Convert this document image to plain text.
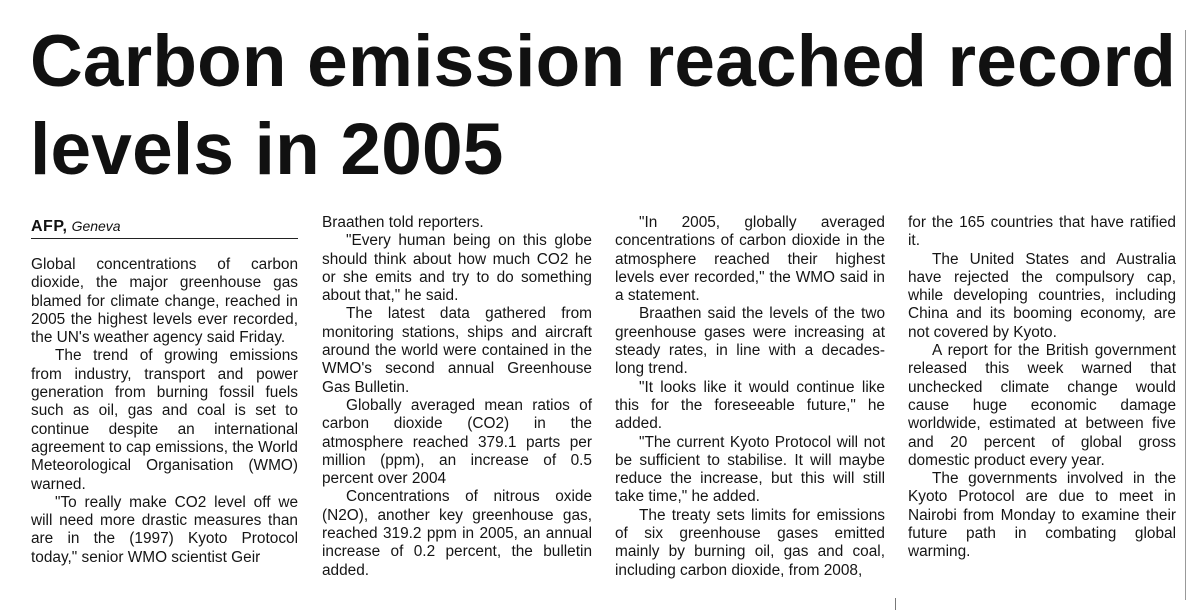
Carbon emission reached record
levels in 2005
AFP, Geneva

Global concentrations of carbon dioxide, the major greenhouse gas blamed for climate change, reached in 2005 the highest levels ever recorded, the UN's weather agency said Friday.

The trend of growing emissions from industry, transport and power generation from burning fossil fuels such as oil, gas and coal is set to continue despite an international agreement to cap emissions, the World Meteorological Organisation (WMO) warned.

"To really make CO2 level off we will need more drastic measures than are in the (1997) Kyoto Protocol today," senior WMO scientist Geir

Braathen told reporters.

"Every human being on this globe should think about how much CO2 he or she emits and try to do something about that," he said.

The latest data gathered from monitoring stations, ships and aircraft around the world were contained in the WMO's second annual Greenhouse Gas Bulletin.

Globally averaged mean ratios of carbon dioxide (CO2) in the atmosphere reached 379.1 parts per million (ppm), an increase of 0.5 percent over 2004

Concentrations of nitrous oxide (N2O), another key greenhouse gas, reached 319.2 ppm in 2005, an annual increase of 0.2 percent, the bulletin added.

"In 2005, globally averaged concentrations of carbon dioxide in the atmosphere reached their highest levels ever recorded," the WMO said in a statement.

Braathen said the levels of the two greenhouse gases were increasing at steady rates, in line with a decades-long trend.

"It looks like it would continue like this for the foreseeable future," he added.

"The current Kyoto Protocol will not be sufficient to stabilise. It will maybe reduce the increase, but this will still take time," he added.

The treaty sets limits for emissions of six greenhouse gases emitted mainly by burning oil, gas and coal, including carbon dioxide, from 2008,

for the 165 countries that have ratified it.

The United States and Australia have rejected the compulsory cap, while developing countries, including China and its booming economy, are not covered by Kyoto.

A report for the British government released this week warned that unchecked climate change would cause huge economic damage worldwide, estimated at between five and 20 percent of global gross domestic product every year.

The governments involved in the Kyoto Protocol are due to meet in Nairobi from Monday to examine their future path in combating global warming.
